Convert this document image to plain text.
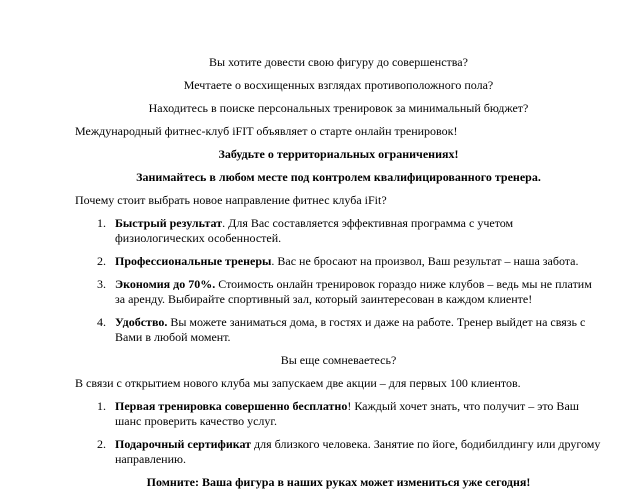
Вы хотите довести свою фигуру до совершенства?

Мечтаете о восхищенных взглядах противоположного пола?

Находитесь в поиске персональных тренировок за минимальный бюджет?

Международный фитнес-клуб iFIT объявляет о старте онлайн тренировок!

Забудьте о территориальных ограничениях!

Занимайтесь в любом месте под контролем квалифицированного тренера.

Почему стоит выбрать новое направление фитнес клуба iFit?

1. Быстрый результат. Для Вас составляется эффективная программа с учетом физиологических особенностей.
2. Профессиональные тренеры. Вас не бросают на произвол, Ваш результат – наша забота.
3. Экономия до 70%. Стоимость онлайн тренировок гораздо ниже клубов – ведь мы не платим за аренду. Выбирайте спортивный зал, который заинтересован в каждом клиенте!
4. Удобство. Вы можете заниматься дома, в гостях и даже на работе. Тренер выйдет на связь с Вами в любой момент.

Вы еще сомневаетесь?

В связи с открытием нового клуба мы запускаем две акции – для первых 100 клиентов.

1. Первая тренировка совершенно бесплатно! Каждый хочет знать, что получит – это Ваш шанс проверить качество услуг.
2. Подарочный сертификат для близкого человека. Занятие по йоге, бодибилдингу или другому направлению.

Помните: Ваша фигура в наших руках может измениться уже сегодня!
